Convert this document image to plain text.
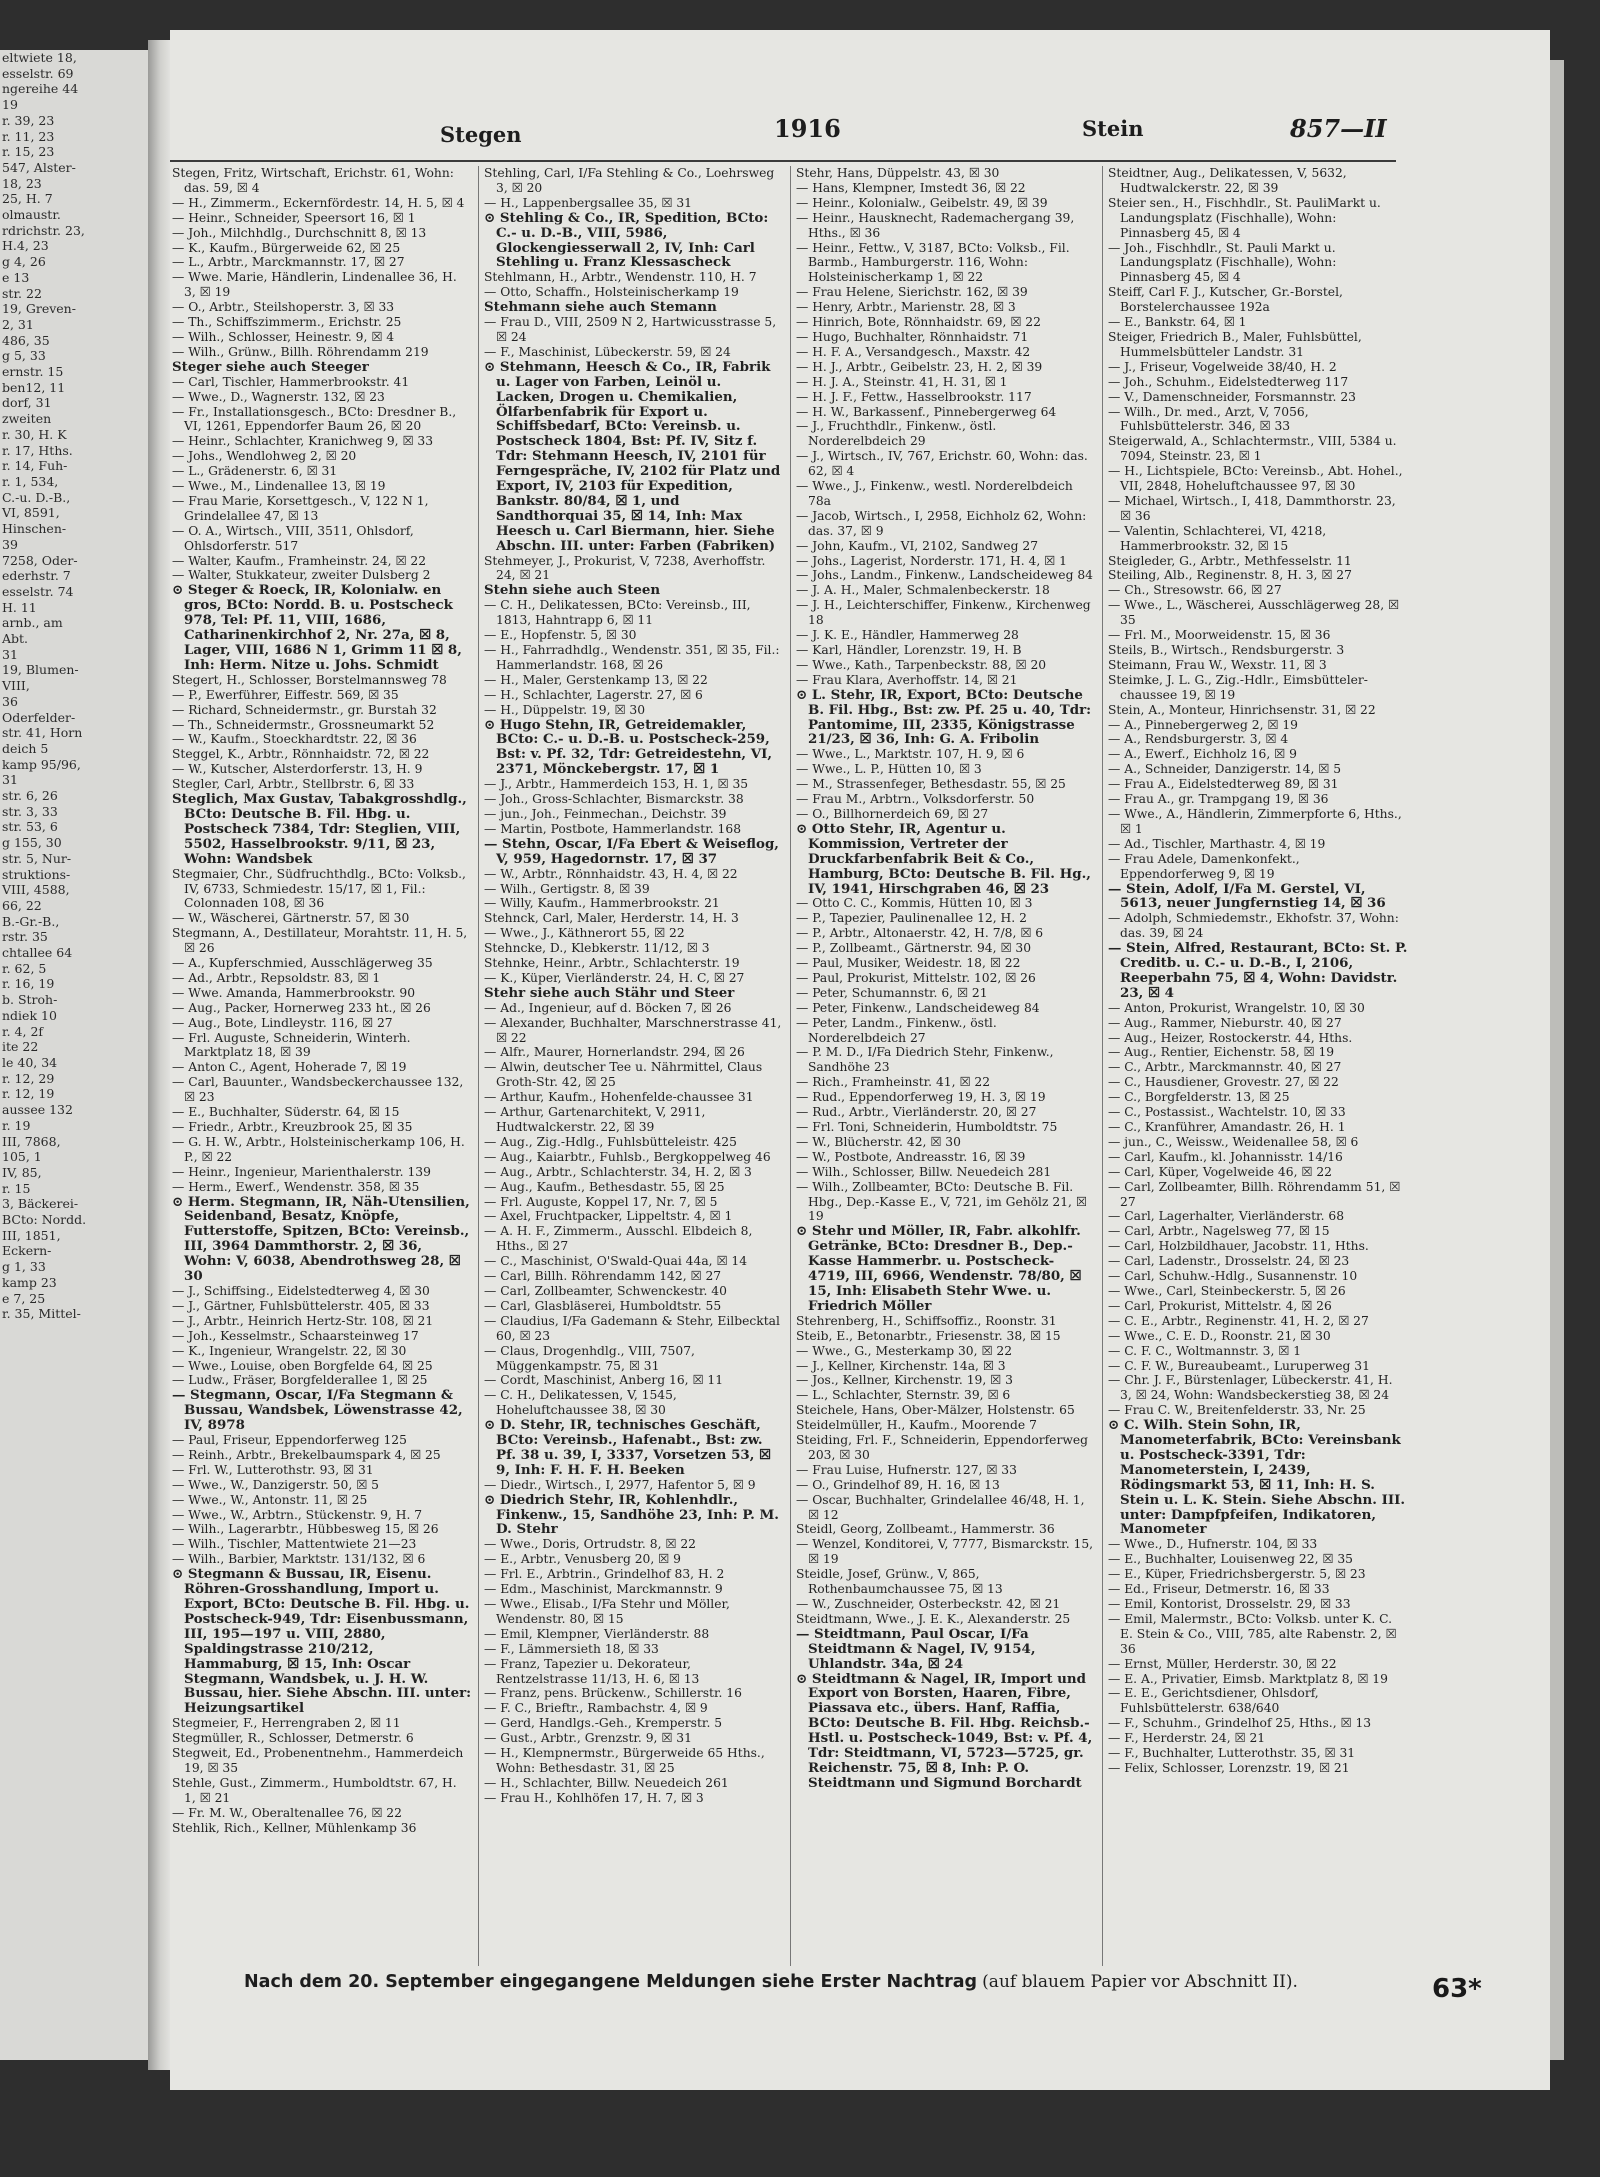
eltwiete 18,
esselstr. 69
ngereihe 44
19
r. 39, 23
r. 11, 23
r. 15, 23
547, Alster-
18, 23
25, H. 7
olmaustr.
rdrichstr. 23,
H.4, 23
g 4, 26
e 13
str. 22
19, Greven-
2, 31
486, 35
g 5, 33
ernstr. 15
ben12, 11
dorf, 31
zweiten
r. 30, H. K
r. 17, Hths.
r. 14, Fuh-
r. 1, 534,
C.-u. D.-B.,
VI, 8591,
Hinschen-
39
7258, Oder-
ederhstr. 7
esselstr. 74
H. 11
arnb., am
Abt.
31
19, Blumen-
VIII,
36
Oderfelder-
str. 41, Horn
deich 5
kamp 95/96,
31
str. 6, 26
str. 3, 33
str. 53, 6
g 155, 30
str. 5, Nur-
struktions-
VIII, 4588,
66, 22
B.-Gr.-B.,
rstr. 35
chtallee 64
r. 62, 5
r. 16, 19
b. Stroh-
ndiek 10
r. 4, 2f
ite 22
le 40, 34
r. 12, 29
r. 12, 19
aussee 132
r. 19
III, 7868,
105, 1
IV, 85,
r. 15
3, Bäckerei-
BCto: Nordd.
III, 1851,
Eckern-
g 1, 33
kamp 23
e 7, 25
r. 35, Mittel-
Stegen	1916	Stein	857—II

Stegen, Fritz, Wirtschaft, Erichstr. 61, Wohn: das. 59, ☒ 4

— H., Zimmerm., Eckernfördestr. 14, H. 5, ☒ 4

— Heinr., Schneider, Speersort 16, ☒ 1

— Joh., Milchhdlg., Durchschnitt 8, ☒ 13

— K., Kaufm., Bürgerweide 62, ☒ 25

— L., Arbtr., Marckmannstr. 17, ☒ 27

— Wwe. Marie, Händlerin, Lindenallee 36, H. 3, ☒ 19

— O., Arbtr., Steilshoperstr. 3, ☒ 33

— Th., Schiffszimmerm., Erichstr. 25

— Wilh., Schlosser, Heinestr. 9, ☒ 4

— Wilh., Grünw., Billh. Röhrendamm 219

Steger siehe auch Steeger

— Carl, Tischler, Hammerbrookstr. 41

— Wwe., D., Wagnerstr. 132, ☒ 23

— Fr., Installationsgesch., BCto: Dresdner B., VI, 1261, Eppendorfer Baum 26, ☒ 20

— Heinr., Schlachter, Kranichweg 9, ☒ 33

— Johs., Wendlohweg 2, ☒ 20

— L., Grädenerstr. 6, ☒ 31

— Wwe., M., Lindenallee 13, ☒ 19

— Frau Marie, Korsettgesch., V, 122 N 1, Grindelallee 47, ☒ 13

— O. A., Wirtsch., VIII, 3511, Ohlsdorf, Ohlsdorferstr. 517

— Walter, Kaufm., Framheinstr. 24, ☒ 22

— Walter, Stukkateur, zweiter Dulsberg 2

⊙ Steger & Roeck, IR, Kolonialw. en gros, BCto: Nordd. B. u. Postscheck 978, Tel: Pf. 11, VIII, 1686, Catharinenkirchhof 2, Nr. 27a, ☒ 8, Lager, VIII, 1686 N 1, Grimm 11 ☒ 8, Inh: Herm. Nitze u. Johs. Schmidt

Stegert, H., Schlosser, Borstelmannsweg 78

— P., Ewerführer, Eiffestr. 569, ☒ 35

— Richard, Schneidermstr., gr. Burstah 32

— Th., Schneidermstr., Grossneumarkt 52

— W., Kaufm., Stoeckhardtstr. 22, ☒ 36

Steggel, K., Arbtr., Rönnhaidstr. 72, ☒ 22

— W., Kutscher, Alsterdorferstr. 13, H. 9

Stegler, Carl, Arbtr., Stellbrstr. 6, ☒ 33

Steglich, Max Gustav, Tabakgrosshdlg., BCto: Deutsche B. Fil. Hbg. u. Postscheck 7384, Tdr: Steglien, VIII, 5502, Hasselbrookstr. 9/11, ☒ 23, Wohn: Wandsbek

Stegmaier, Chr., Südfruchthdlg., BCto: Volksb., IV, 6733, Schmiedestr. 15/17, ☒ 1, Fil.: Colonnaden 108, ☒ 36

— W., Wäscherei, Gärtnerstr. 57, ☒ 30

Stegmann, A., Destillateur, Morahtstr. 11, H. 5, ☒ 26

— A., Kupferschmied, Ausschlägerweg 35

— Ad., Arbtr., Repsoldstr. 83, ☒ 1

— Wwe. Amanda, Hammerbrookstr. 90

— Aug., Packer, Hornerweg 233 ht., ☒ 26

— Aug., Bote, Lindleystr. 116, ☒ 27

— Frl. Auguste, Schneiderin, Winterh. Marktplatz 18, ☒ 39

— Anton C., Agent, Hoherade 7, ☒ 19

— Carl, Bauunter., Wandsbeckerchaussee 132, ☒ 23

— E., Buchhalter, Süderstr. 64, ☒ 15

— Friedr., Arbtr., Kreuzbrook 25, ☒ 35

— G. H. W., Arbtr., Holsteinischerkamp 106, H. P., ☒ 22

— Heinr., Ingenieur, Marienthalerstr. 139

— Herm., Ewerf., Wendenstr. 358, ☒ 35

⊙ Herm. Stegmann, IR, Näh-Utensilien, Seidenband, Besatz, Knöpfe, Futterstoffe, Spitzen, BCto: Vereinsb., III, 3964 Dammthorstr. 2, ☒ 36, Wohn: V, 6038, Abendrothsweg 28, ☒ 30

— J., Schiffsing., Eidelstedterweg 4, ☒ 30

— J., Gärtner, Fuhlsbüttelerstr. 405, ☒ 33

— J., Arbtr., Heinrich Hertz-Str. 108, ☒ 21

— Joh., Kesselmstr., Schaarsteinweg 17

— K., Ingenieur, Wrangelstr. 22, ☒ 30

— Wwe., Louise, oben Borgfelde 64, ☒ 25

— Ludw., Fräser, Borgfelderallee 1, ☒ 25

— Stegmann, Oscar, I/Fa Stegmann & Bussau, Wandsbek, Löwenstrasse 42, IV, 8978

— Paul, Friseur, Eppendorferweg 125

— Reinh., Arbtr., Brekelbaumspark 4, ☒ 25

— Frl. W., Lutterothstr. 93, ☒ 31

— Wwe., W., Danzigerstr. 50, ☒ 5

— Wwe., W., Antonstr. 11, ☒ 25

— Wwe., W., Arbtrn., Stückenstr. 9, H. 7

— Wilh., Lagerarbtr., Hübbesweg 15, ☒ 26

— Wilh., Tischler, Mattentwiete 21—23

— Wilh., Barbier, Marktstr. 131/132, ☒ 6

⊙ Stegmann & Bussau, IR, Eisenu. Röhren-Grosshandlung, Import u. Export, BCto: Deutsche B. Fil. Hbg. u. Postscheck-949, Tdr: Eisenbussmann, III, 195—197 u. VIII, 2880, Spaldingstrasse 210/212, Hammaburg, ☒ 15, Inh: Oscar Stegmann, Wandsbek, u. J. H. W. Bussau, hier. Siehe Abschn. III. unter: Heizungsartikel

Stegmeier, F., Herrengraben 2, ☒ 11

Stegmüller, R., Schlosser, Detmerstr. 6

Stegweit, Ed., Probenentnehm., Hammerdeich 19, ☒ 35

Stehle, Gust., Zimmerm., Humboldtstr. 67, H. 1, ☒ 21

— Fr. M. W., Oberaltenallee 76, ☒ 22

Stehlik, Rich., Kellner, Mühlenkamp 36

Stehling, Carl, I/Fa Stehling & Co., Loehrsweg 3, ☒ 20

— H., Lappenbergsallee 35, ☒ 31

⊙ Stehling & Co., IR, Spedition, BCto: C.- u. D.-B., VIII, 5986, Glockengiesserwall 2, IV, Inh: Carl Stehling u. Franz Klessascheck

Stehlmann, H., Arbtr., Wendenstr. 110, H. 7

— Otto, Schaffn., Holsteinischerkamp 19

Stehmann siehe auch Stemann

— Frau D., VIII, 2509 N 2, Hartwicusstrasse 5, ☒ 24

— F., Maschinist, Lübeckerstr. 59, ☒ 24

⊙ Stehmann, Heesch & Co., IR, Fabrik u. Lager von Farben, Leinöl u. Lacken, Drogen u. Chemikalien, Ölfarbenfabrik für Export u. Schiffsbedarf, BCto: Vereinsb. u. Postscheck 1804, Bst: Pf. IV, Sitz f. Tdr: Stehmann Heesch, IV, 2101 für Ferngespräche, IV, 2102 für Platz und Export, IV, 2103 für Expedition, Bankstr. 80/84, ☒ 1, und Sandthorquai 35, ☒ 14, Inh: Max Heesch u. Carl Biermann, hier. Siehe Abschn. III. unter: Farben (Fabriken)

Stehmeyer, J., Prokurist, V, 7238, Averhoffstr. 24, ☒ 21

Stehn siehe auch Steen

— C. H., Delikatessen, BCto: Vereinsb., III, 1813, Hahntrapp 6, ☒ 11

— E., Hopfenstr. 5, ☒ 30

— H., Fahrradhdlg., Wendenstr. 351, ☒ 35, Fil.: Hammerlandstr. 168, ☒ 26

— H., Maler, Gerstenkamp 13, ☒ 22

— H., Schlachter, Lagerstr. 27, ☒ 6

— H., Düppelstr. 19, ☒ 30

⊙ Hugo Stehn, IR, Getreidemakler, BCto: C.- u. D.-B. u. Postscheck-259, Bst: v. Pf. 32, Tdr: Getreidestehn, VI, 2371, Mönckebergstr. 17, ☒ 1

— J., Arbtr., Hammerdeich 153, H. 1, ☒ 35

— Joh., Gross-Schlachter, Bismarckstr. 38

— jun., Joh., Feinmechan., Deichstr. 39

— Martin, Postbote, Hammerlandstr. 168

— Stehn, Oscar, I/Fa Ebert & Weiseflog, V, 959, Hagedornstr. 17, ☒ 37

— W., Arbtr., Rönnhaidstr. 43, H. 4, ☒ 22

— Wilh., Gertigstr. 8, ☒ 39

— Willy, Kaufm., Hammerbrookstr. 21

Stehnck, Carl, Maler, Herderstr. 14, H. 3

— Wwe., J., Käthnerort 55, ☒ 22

Stehncke, D., Klebkerstr. 11/12, ☒ 3

Stehnke, Heinr., Arbtr., Schlachterstr. 19

— K., Küper, Vierländerstr. 24, H. C, ☒ 27

Stehr siehe auch Stähr und Steer

— Ad., Ingenieur, auf d. Böcken 7, ☒ 26

— Alexander, Buchhalter, Marschnerstrasse 41, ☒ 22

— Alfr., Maurer, Hornerlandstr. 294, ☒ 26

— Alwin, deutscher Tee u. Nährmittel, Claus Groth-Str. 42, ☒ 25

— Arthur, Kaufm., Hohenfelde-chaussee 31

— Arthur, Gartenarchitekt, V, 2911, Hudtwalckerstr. 22, ☒ 39

— Aug., Zig.-Hdlg., Fuhlsbütteleistr. 425

— Aug., Kaiarbtr., Fuhlsb., Bergkoppelweg 46

— Aug., Arbtr., Schlachterstr. 34, H. 2, ☒ 3

— Aug., Kaufm., Bethesdastr. 55, ☒ 25

— Frl. Auguste, Koppel 17, Nr. 7, ☒ 5

— Axel, Fruchtpacker, Lippeltstr. 4, ☒ 1

— A. H. F., Zimmerm., Ausschl. Elbdeich 8, Hths., ☒ 27

— C., Maschinist, O'Swald-Quai 44a, ☒ 14

— Carl, Billh. Röhrendamm 142, ☒ 27

— Carl, Zollbeamter, Schwenckestr. 40

— Carl, Glasbläserei, Humboldtstr. 55

— Claudius, I/Fa Gademann & Stehr, Eilbecktal 60, ☒ 23

— Claus, Drogenhdlg., VIII, 7507, Müggenkampstr. 75, ☒ 31

— Cordt, Maschinist, Anberg 16, ☒ 11

— C. H., Delikatessen, V, 1545, Hoheluftchaussee 38, ☒ 30

⊙ D. Stehr, IR, technisches Geschäft, BCto: Vereinsb., Hafenabt., Bst: zw. Pf. 38 u. 39, I, 3337, Vorsetzen 53, ☒ 9, Inh: F. H. F. H. Beeken

— Diedr., Wirtsch., I, 2977, Hafentor 5, ☒ 9

⊙ Diedrich Stehr, IR, Kohlenhdlr., Finkenw., 15, Sandhöhe 23, Inh: P. M. D. Stehr

— Wwe., Doris, Ortrudstr. 8, ☒ 22

— E., Arbtr., Venusberg 20, ☒ 9

— Frl. E., Arbtrin., Grindelhof 83, H. 2

— Edm., Maschinist, Marckmannstr. 9

— Wwe., Elisab., I/Fa Stehr und Möller, Wendenstr. 80, ☒ 15

— Emil, Klempner, Vierländerstr. 88

— F., Lämmersieth 18, ☒ 33

— Franz, Tapezier u. Dekorateur, Rentzelstrasse 11/13, H. 6, ☒ 13

— Franz, pens. Brückenw., Schillerstr. 16

— F. C., Brieftr., Rambachstr. 4, ☒ 9

— Gerd, Handlgs.-Geh., Kremperstr. 5

— Gust., Arbtr., Grenzstr. 9, ☒ 31

— H., Klempnermstr., Bürgerweide 65 Hths., Wohn: Bethesdastr. 31, ☒ 25

— H., Schlachter, Billw. Neuedeich 261

— Frau H., Kohlhöfen 17, H. 7, ☒ 3

Stehr, Hans, Düppelstr. 43, ☒ 30

— Hans, Klempner, Imstedt 36, ☒ 22

— Heinr., Kolonialw., Geibelstr. 49, ☒ 39

— Heinr., Hausknecht, Rademachergang 39, Hths., ☒ 36

— Heinr., Fettw., V, 3187, BCto: Volksb., Fil. Barmb., Hamburgerstr. 116, Wohn: Holsteinischerkamp 1, ☒ 22

— Frau Helene, Sierichstr. 162, ☒ 39

— Henry, Arbtr., Marienstr. 28, ☒ 3

— Hinrich, Bote, Rönnhaidstr. 69, ☒ 22

— Hugo, Buchhalter, Rönnhaidstr. 71

— H. F. A., Versandgesch., Maxstr. 42

— H. J., Arbtr., Geibelstr. 23, H. 2, ☒ 39

— H. J. A., Steinstr. 41, H. 31, ☒ 1

— H. J. F., Fettw., Hasselbrookstr. 117

— H. W., Barkassenf., Pinnebergerweg 64

— J., Fruchthdlr., Finkenw., östl. Norderelbdeich 29

— J., Wirtsch., IV, 767, Erichstr. 60, Wohn: das. 62, ☒ 4

— Wwe., J., Finkenw., westl. Norderelbdeich 78a

— Jacob, Wirtsch., I, 2958, Eichholz 62, Wohn: das. 37, ☒ 9

— John, Kaufm., VI, 2102, Sandweg 27

— Johs., Lagerist, Norderstr. 171, H. 4, ☒ 1

— Johs., Landm., Finkenw., Landscheideweg 84

— J. A. H., Maler, Schmalenbeckerstr. 18

— J. H., Leichterschiffer, Finkenw., Kirchenweg 18

— J. K. E., Händler, Hammerweg 28

— Karl, Händler, Lorenzstr. 19, H. B

— Wwe., Kath., Tarpenbeckstr. 88, ☒ 20

— Frau Klara, Averhoffstr. 14, ☒ 21

⊙ L. Stehr, IR, Export, BCto: Deutsche B. Fil. Hbg., Bst: zw. Pf. 25 u. 40, Tdr: Pantomime, III, 2335, Königstrasse 21/23, ☒ 36, Inh: G. A. Fribolin

— Wwe., L., Marktstr. 107, H. 9, ☒ 6

— Wwe., L. P., Hütten 10, ☒ 3

— M., Strassenfeger, Bethesdastr. 55, ☒ 25

— Frau M., Arbtrn., Volksdorferstr. 50

— O., Billhornerdeich 69, ☒ 27

⊙ Otto Stehr, IR, Agentur u. Kommission, Vertreter der Druckfarbenfabrik Beit & Co., Hamburg, BCto: Deutsche B. Fil. Hg., IV, 1941, Hirschgraben 46, ☒ 23

— Otto C. C., Kommis, Hütten 10, ☒ 3

— P., Tapezier, Paulinenallee 12, H. 2

— P., Arbtr., Altonaerstr. 42, H. 7/8, ☒ 6

— P., Zollbeamt., Gärtnerstr. 94, ☒ 30

— Paul, Musiker, Weidestr. 18, ☒ 22

— Paul, Prokurist, Mittelstr. 102, ☒ 26

— Peter, Schumannstr. 6, ☒ 21

— Peter, Finkenw., Landscheideweg 84

— Peter, Landm., Finkenw., östl. Norderelbdeich 27

— P. M. D., I/Fa Diedrich Stehr, Finkenw., Sandhöhe 23

— Rich., Framheinstr. 41, ☒ 22

— Rud., Eppendorferweg 19, H. 3, ☒ 19

— Rud., Arbtr., Vierländerstr. 20, ☒ 27

— Frl. Toni, Schneiderin, Humboldtstr. 75

— W., Blücherstr. 42, ☒ 30

— W., Postbote, Andreasstr. 16, ☒ 39

— Wilh., Schlosser, Billw. Neuedeich 281

— Wilh., Zollbeamter, BCto: Deutsche B. Fil. Hbg., Dep.-Kasse E., V, 721, im Gehölz 21, ☒ 19

⊙ Stehr und Möller, IR, Fabr. alkohlfr. Getränke, BCto: Dresdner B., Dep.-Kasse Hammerbr. u. Postscheck-4719, III, 6966, Wendenstr. 78/80, ☒ 15, Inh: Elisabeth Stehr Wwe. u. Friedrich Möller

Stehrenberg, H., Schiffsoffiz., Roonstr. 31

Steib, E., Betonarbtr., Friesenstr. 38, ☒ 15

— Wwe., G., Mesterkamp 30, ☒ 22

— J., Kellner, Kirchenstr. 14a, ☒ 3

— Jos., Kellner, Kirchenstr. 19, ☒ 3

— L., Schlachter, Sternstr. 39, ☒ 6

Steichele, Hans, Ober-Mälzer, Holstenstr. 65

Steidelmüller, H., Kaufm., Moorende 7

Steiding, Frl. F., Schneiderin, Eppendorferweg 203, ☒ 30

— Frau Luise, Hufnerstr. 127, ☒ 33

— O., Grindelhof 89, H. 16, ☒ 13

— Oscar, Buchhalter, Grindelallee 46/48, H. 1, ☒ 12

Steidl, Georg, Zollbeamt., Hammerstr. 36

— Wenzel, Konditorei, V, 7777, Bismarckstr. 15, ☒ 19

Steidle, Josef, Grünw., V, 865, Rothenbaumchaussee 75, ☒ 13

— W., Zuschneider, Osterbeckstr. 42, ☒ 21

Steidtmann, Wwe., J. E. K., Alexanderstr. 25

— Steidtmann, Paul Oscar, I/Fa Steidtmann & Nagel, IV, 9154, Uhlandstr. 34a, ☒ 24

⊙ Steidtmann & Nagel, IR, Import und Export von Borsten, Haaren, Fibre, Piassava etc., übers. Hanf, Raffia, BCto: Deutsche B. Fil. Hbg. Reichsb.-Hstl. u. Postscheck-1049, Bst: v. Pf. 4, Tdr: Steidtmann, VI, 5723—5725, gr. Reichenstr. 75, ☒ 8, Inh: P. O. Steidtmann und Sigmund Borchardt

Steidtner, Aug., Delikatessen, V, 5632, Hudtwalckerstr. 22, ☒ 39

Steier sen., H., Fischhdlr., St. PauliMarkt u. Landungsplatz (Fischhalle), Wohn: Pinnasberg 45, ☒ 4

— Joh., Fischhdlr., St. Pauli Markt u. Landungsplatz (Fischhalle), Wohn: Pinnasberg 45, ☒ 4

Steiff, Carl F. J., Kutscher, Gr.-Borstel, Borstelerchaussee 192a

— E., Bankstr. 64, ☒ 1

Steiger, Friedrich B., Maler, Fuhlsbüttel, Hummelsbütteler Landstr. 31

— J., Friseur, Vogelweide 38/40, H. 2

— Joh., Schuhm., Eidelstedterweg 117

— V., Damenschneider, Forsmannstr. 23

— Wilh., Dr. med., Arzt, V, 7056, Fuhlsbüttelerstr. 346, ☒ 33

Steigerwald, A., Schlachtermstr., VIII, 5384 u. 7094, Steinstr. 23, ☒ 1

— H., Lichtspiele, BCto: Vereinsb., Abt. Hohel., VII, 2848, Hoheluftchaussee 97, ☒ 30

— Michael, Wirtsch., I, 418, Dammthorstr. 23, ☒ 36

— Valentin, Schlachterei, VI, 4218, Hammerbrookstr. 32, ☒ 15

Steigleder, G., Arbtr., Methfesselstr. 11

Steiling, Alb., Reginenstr. 8, H. 3, ☒ 27

— Ch., Stresowstr. 66, ☒ 27

— Wwe., L., Wäscherei, Ausschlägerweg 28, ☒ 35

— Frl. M., Moorweidenstr. 15, ☒ 36

Steils, B., Wirtsch., Rendsburgerstr. 3

Steimann, Frau W., Wexstr. 11, ☒ 3

Steimke, J. L. G., Zig.-Hdlr., Eimsbütteler-chaussee 19, ☒ 19

Stein, A., Monteur, Hinrichsenstr. 31, ☒ 22

— A., Pinnebergerweg 2, ☒ 19

— A., Rendsburgerstr. 3, ☒ 4

— A., Ewerf., Eichholz 16, ☒ 9

— A., Schneider, Danzigerstr. 14, ☒ 5

— Frau A., Eidelstedterweg 89, ☒ 31

— Frau A., gr. Trampgang 19, ☒ 36

— Wwe., A., Händlerin, Zimmerpforte 6, Hths., ☒ 1

— Ad., Tischler, Marthastr. 4, ☒ 19

— Frau Adele, Damenkonfekt., Eppendorferweg 9, ☒ 19

— Stein, Adolf, I/Fa M. Gerstel, VI, 5613, neuer Jungfernstieg 14, ☒ 36

— Adolph, Schmiedemstr., Ekhofstr. 37, Wohn: das. 39, ☒ 24

— Stein, Alfred, Restaurant, BCto: St. P. Creditb. u. C.- u. D.-B., I, 2106, Reeperbahn 75, ☒ 4, Wohn: Davidstr. 23, ☒ 4

— Anton, Prokurist, Wrangelstr. 10, ☒ 30

— Aug., Rammer, Nieburstr. 40, ☒ 27

— Aug., Heizer, Rostockerstr. 44, Hths.

— Aug., Rentier, Eichenstr. 58, ☒ 19

— C., Arbtr., Marckmannstr. 40, ☒ 27

— C., Hausdiener, Grovestr. 27, ☒ 22

— C., Borgfelderstr. 13, ☒ 25

— C., Postassist., Wachtelstr. 10, ☒ 33

— C., Kranführer, Amandastr. 26, H. 1

— jun., C., Weissw., Weidenallee 58, ☒ 6

— Carl, Kaufm., kl. Johannisstr. 14/16

— Carl, Küper, Vogelweide 46, ☒ 22

— Carl, Zollbeamter, Billh. Röhrendamm 51, ☒ 27

— Carl, Lagerhalter, Vierländerstr. 68

— Carl, Arbtr., Nagelsweg 77, ☒ 15

— Carl, Holzbildhauer, Jacobstr. 11, Hths.

— Carl, Ladenstr., Drosselstr. 24, ☒ 23

— Carl, Schuhw.-Hdlg., Susannenstr. 10

— Wwe., Carl, Steinbeckerstr. 5, ☒ 26

— Carl, Prokurist, Mittelstr. 4, ☒ 26

— C. E., Arbtr., Reginenstr. 41, H. 2, ☒ 27

— Wwe., C. E. D., Roonstr. 21, ☒ 30

— C. F. C., Woltmannstr. 3, ☒ 1

— C. F. W., Bureaubeamt., Luruperweg 31

— Chr. J. F., Bürstenlager, Lübeckerstr. 41, H. 3, ☒ 24, Wohn: Wandsbeckerstieg 38, ☒ 24

— Frau C. W., Breitenfelderstr. 33, Nr. 25

⊙ C. Wilh. Stein Sohn, IR, Manometerfabrik, BCto: Vereinsbank u. Postscheck-3391, Tdr: Manometerstein, I, 2439, Rödingsmarkt 53, ☒ 11, Inh: H. S. Stein u. L. K. Stein. Siehe Abschn. III. unter: Dampfpfeifen, Indikatoren, Manometer

— Wwe., D., Hufnerstr. 104, ☒ 33

— E., Buchhalter, Louisenweg 22, ☒ 35

— E., Küper, Friedrichsbergerstr. 5, ☒ 23

— Ed., Friseur, Detmerstr. 16, ☒ 33

— Emil, Kontorist, Drosselstr. 29, ☒ 33

— Emil, Malermstr., BCto: Volksb. unter K. C. E. Stein & Co., VIII, 785, alte Rabenstr. 2, ☒ 36

— Ernst, Müller, Herderstr. 30, ☒ 22

— E. A., Privatier, Eimsb. Marktplatz 8, ☒ 19

— E. E., Gerichtsdiener, Ohlsdorf, Fuhlsbüttelerstr. 638/640

— F., Schuhm., Grindelhof 25, Hths., ☒ 13

— F., Herderstr. 24, ☒ 21

— F., Buchhalter, Lutterothstr. 35, ☒ 31

— Felix, Schlosser, Lorenzstr. 19, ☒ 21

Nach dem 20. September eingegangene Meldungen siehe Erster Nachtrag (auf blauem Papier vor Abschnitt II).	63*
